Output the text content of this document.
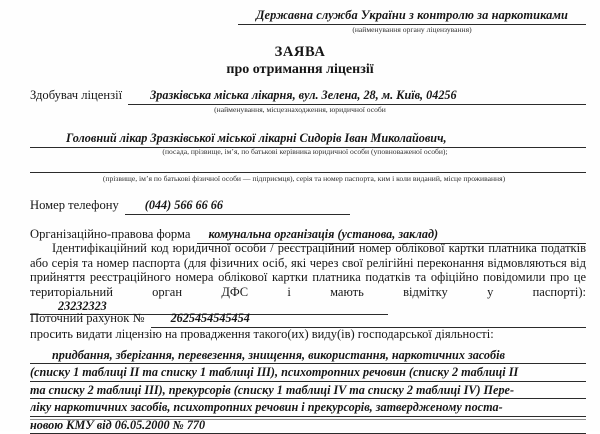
Державна служба України з контролю за наркотиками
(найменування органу ліцензування)
ЗАЯВА
про отримання ліцензії
Здобувач ліцензії	Зразківська міська лікарня, вул. Зелена, 28, м. Київ, 04256
(найменування, місцезнаходження, юридичної особи
Головний лікар Зразківської міської лікарні Сидорів Іван Миколайович,
(посада, прізвище, ім’я, по батькові керівника юридичної особи (уповноваженої особи);
(прізвище, ім’я по батькові фізичної особи — підприємця), серія та номер паспорта, ким і коли виданий, місце проживання)
Номер телефону	(044) 566 66 66
Організаційно-правова форма	комунальна організація (установа, заклад)
Ідентифікаційний код юридичної особи / реєстраційний номер облікової картки платника податків або серія та номер паспорта (для фізичних осіб, які через свої релігійні переконання відмовляються від прийняття реєстраційного номера облікової картки платника податків та офіційно повідомили про це територіальний орган ДФС і мають відмітку у паспорті):23232323
Поточний рахунок №	2625454545454
просить видати ліцензію на провадження такого(их) виду(ів) господарської діяльності:
придбання, зберігання, перевезення, знищення, використання, наркотичних засобів
(списку 1 таблиці II та списку 1 таблиці III), психотропних речовин (списку 2 таблиці II
та списку 2 таблиці III), прекурсорів (списку 1 таблиці IV та списку 2 таблиці IV) Пере-
ліку наркотичних засобів, психотропних речовин і прекурсорів, затвердженому поста-
новою КМУ від 06.05.2000 № 770
